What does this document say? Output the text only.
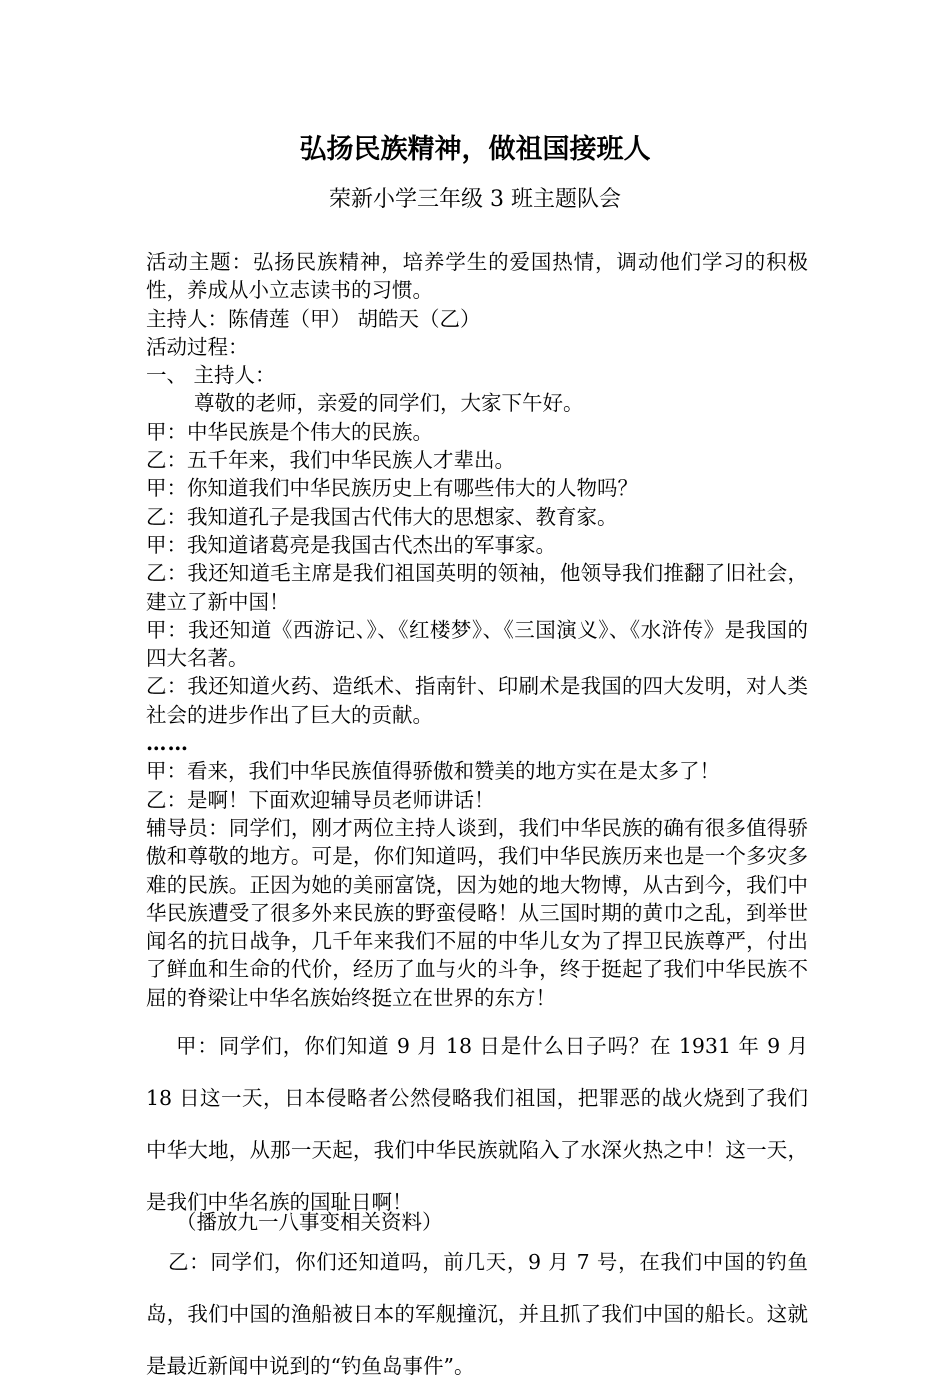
弘扬民族精神，做祖国接班人
荣新小学三年级 3 班主题队会

活动主题：弘扬民族精神，培养学生的爱国热情，调动他们学习的积极性，养成从小立志读书的习惯。

主持人：陈倩莲（甲） 胡皓天（乙）

活动过程：

一、 主持人：

尊敬的老师，亲爱的同学们，大家下午好。

甲：中华民族是个伟大的民族。

乙：五千年来，我们中华民族人才辈出。

甲：你知道我们中华民族历史上有哪些伟大的人物吗？

乙：我知道孔子是我国古代伟大的思想家、教育家。

甲：我知道诸葛亮是我国古代杰出的军事家。

乙：我还知道毛主席是我们祖国英明的领袖，他领导我们推翻了旧社会，建立了新中国！

甲：我还知道《西游记、》、《红楼梦》、《三国演义》、《水浒传》是我国的四大名著。

乙：我还知道火药、造纸术、指南针、印刷术是我国的四大发明，对人类社会的进步作出了巨大的贡献。

……

甲：看来，我们中华民族值得骄傲和赞美的地方实在是太多了！

乙：是啊！下面欢迎辅导员老师讲话！

辅导员：同学们，刚才两位主持人谈到，我们中华民族的确有很多值得骄傲和尊敬的地方。可是，你们知道吗，我们中华民族历来也是一个多灾多难的民族。正因为她的美丽富饶，因为她的地大物博，从古到今，我们中华民族遭受了很多外来民族的野蛮侵略！从三国时期的黄巾之乱，到举世闻名的抗日战争，几千年来我们不屈的中华儿女为了捍卫民族尊严，付出了鲜血和生命的代价，经历了血与火的斗争，终于挺起了我们中华民族不屈的脊梁让中华名族始终挺立在世界的东方！

甲：同学们，你们知道 9 月 18 日是什么日子吗？在 1931 年 9 月 18 日这一天，日本侵略者公然侵略我们祖国，把罪恶的战火烧到了我们中华大地，从那一天起，我们中华民族就陷入了水深火热之中！这一天，是我们中华名族的国耻日啊！

（播放九一八事变相关资料）

乙：同学们，你们还知道吗，前几天，9 月 7 号，在我们中国的钓鱼岛，我们中国的渔船被日本的军舰撞沉，并且抓了我们中国的船长。这就是最近新闻中说到的“钓鱼岛事件”。
